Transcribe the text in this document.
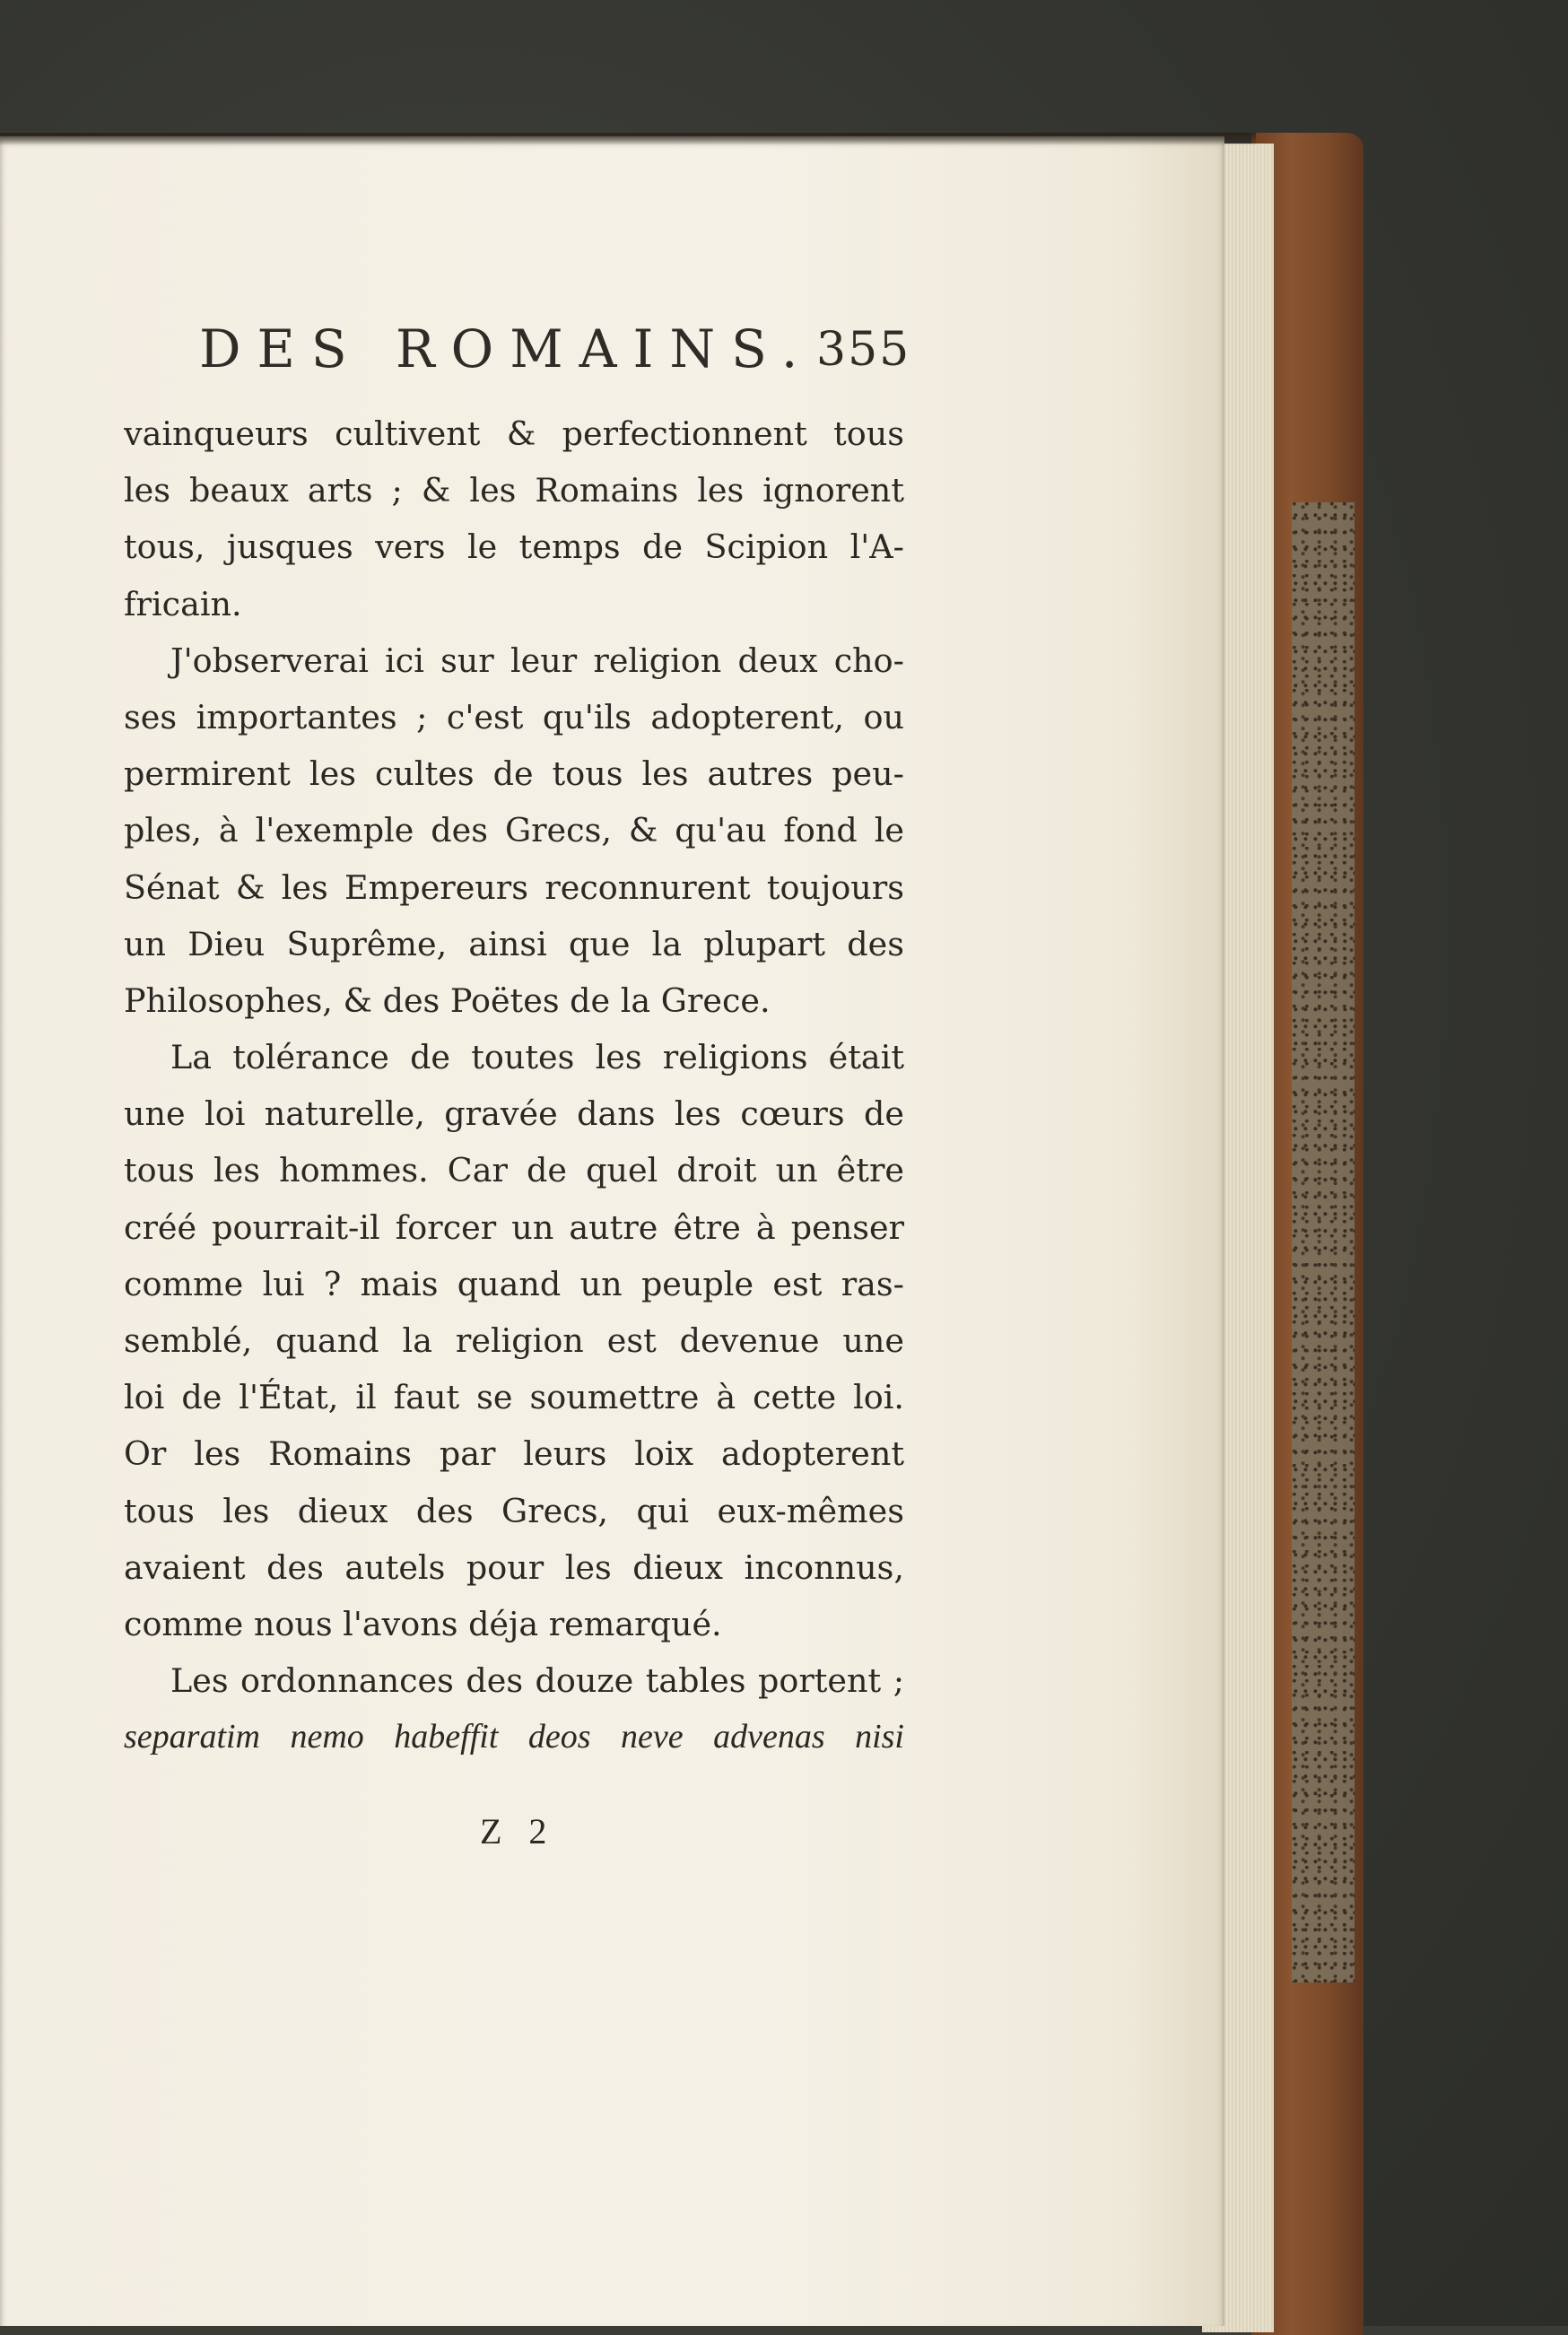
DES ROMAINS. 355
vainqueurs cultivent & perfectionnent tous
les beaux arts ; & les Romains les ignorent
tous, jusques vers le temps de Scipion l'A-
fricain.
J'observerai ici sur leur religion deux cho-
ses importantes ; c'est qu'ils adopterent, ou
permirent les cultes de tous les autres peu-
ples, à l'exemple des Grecs, & qu'au fond le
Sénat & les Empereurs reconnurent toujours
un Dieu Suprême, ainsi que la plupart des
Philosophes, & des Poëtes de la Grece.
La tolérance de toutes les religions était
une loi naturelle, gravée dans les cœurs de
tous les hommes. Car de quel droit un être
créé pourrait-il forcer un autre être à penser
comme lui ? mais quand un peuple est ras-
semblé, quand la religion est devenue une
loi de l'État, il faut se soumettre à cette loi.
Or les Romains par leurs loix adopterent
tous les dieux des Grecs, qui eux-mêmes
avaient des autels pour les dieux inconnus,
comme nous l'avons déja remarqué.
Les ordonnances des douze tables portent ;
separatim nemo habeffit deos neve advenas nisi
Z 2
